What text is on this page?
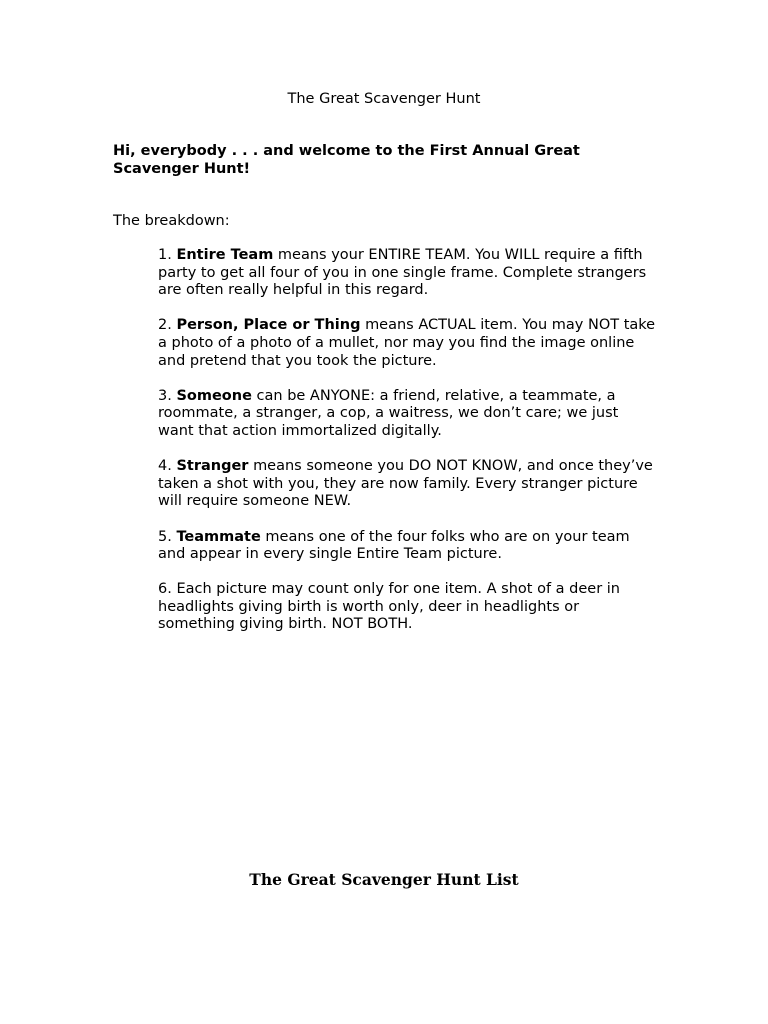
The Great Scavenger Hunt
Hi, everybody . . . and welcome to the First Annual Great Scavenger Hunt!
The breakdown:
1. Entire Team means your ENTIRE TEAM. You WILL require a fifth party to get all four of you in one single frame. Complete strangers are often really helpful in this regard.
2. Person, Place or Thing means ACTUAL item. You may NOT take a photo of a photo of a mullet, nor may you find the image online and pretend that you took the picture.
3. Someone can be ANYONE: a friend, relative, a teammate, a roommate, a stranger, a cop, a waitress, we don’t care; we just want that action immortalized digitally.
4. Stranger means someone you DO NOT KNOW, and once they’ve taken a shot with you, they are now family. Every stranger picture will require someone NEW.
5. Teammate means one of the four folks who are on your team and appear in every single Entire Team picture.
6. Each picture may count only for one item. A shot of a deer in headlights giving birth is worth only, deer in headlights or something giving birth. NOT BOTH.
The Great Scavenger Hunt List
